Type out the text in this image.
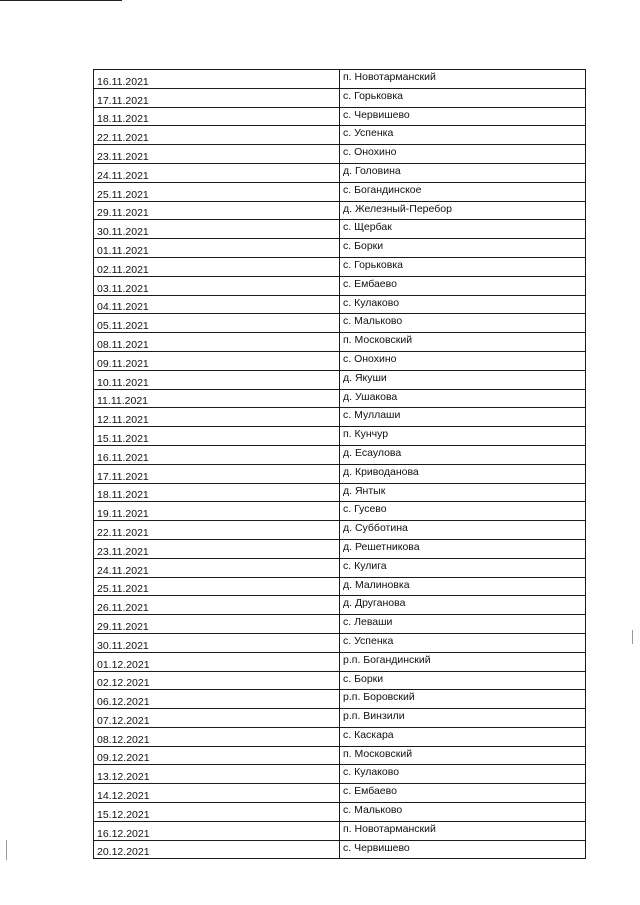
16.11.2021	п. Новотарманский
17.11.2021	с. Горьковка
18.11.2021	с. Червишево
22.11.2021	с. Успенка
23.11.2021	с. Онохино
24.11.2021	д. Головина
25.11.2021	с. Богандинское
29.11.2021	д. Железный-Перебор
30.11.2021	с. Щербак
01.11.2021	с. Борки
02.11.2021	с. Горьковка
03.11.2021	с. Ембаево
04.11.2021	с. Кулаково
05.11.2021	с. Мальково
08.11.2021	п. Московский
09.11.2021	с. Онохино
10.11.2021	д. Якуши
11.11.2021	д. Ушакова
12.11.2021	с. Муллаши
15.11.2021	п. Кунчур
16.11.2021	д. Есаулова
17.11.2021	д. Криводанова
18.11.2021	д. Янтык
19.11.2021	с. Гусево
22.11.2021	д. Субботина
23.11.2021	д. Решетникова
24.11.2021	с. Кулига
25.11.2021	д. Малиновка
26.11.2021	д. Друганова
29.11.2021	с. Леваши
30.11.2021	с. Успенка
01.12.2021	р.п. Богандинский
02.12.2021	с. Борки
06.12.2021	р.п. Боровский
07.12.2021	р.п. Винзили
08.12.2021	с. Каскара
09.12.2021	п. Московский
13.12.2021	с. Кулаково
14.12.2021	с. Ембаево
15.12.2021	с. Мальково
16.12.2021	п. Новотарманский
20.12.2021	с. Червишево
